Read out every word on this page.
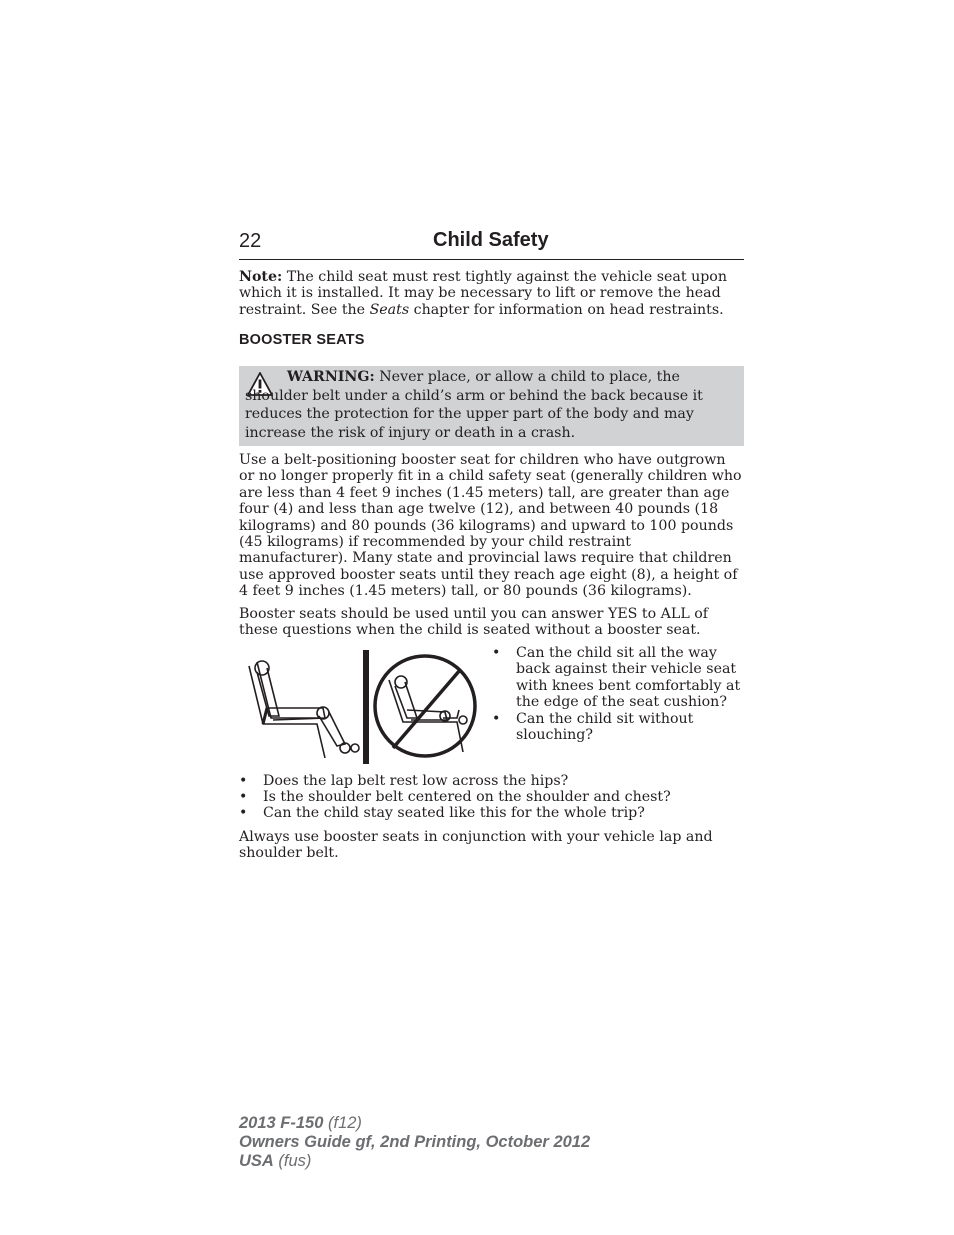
22	Child Safety

Note: The child seat must rest tightly against the vehicle seat upon which it is installed. It may be necessary to lift or remove the head restraint. See the Seats chapter for information on head restraints.

BOOSTER SEATS

WARNING: Never place, or allow a child to place, the shoulder belt under a child’s arm or behind the back because it reduces the protection for the upper part of the body and may increase the risk of injury or death in a crash.

Use a belt-positioning booster seat for children who have outgrown or no longer properly fit in a child safety seat (generally children who are less than 4 feet 9 inches (1.45 meters) tall, are greater than age four (4) and less than age twelve (12), and between 40 pounds (18 kilograms) and 80 pounds (36 kilograms) and upward to 100 pounds (45 kilograms) if recommended by your child restraint manufacturer). Many state and provincial laws require that children use approved booster seats until they reach age eight (8), a height of 4 feet 9 inches (1.45 meters) tall, or 80 pounds (36 kilograms).

Booster seats should be used until you can answer YES to ALL of these questions when the child is seated without a booster seat.

• Can the child sit all the way back against their vehicle seat with knees bent comfortably at the edge of the seat cushion?
• Can the child sit without slouching?
• Does the lap belt rest low across the hips?
• Is the shoulder belt centered on the shoulder and chest?
• Can the child stay seated like this for the whole trip?

Always use booster seats in conjunction with your vehicle lap and shoulder belt.

2013 F-150 (f12)
Owners Guide gf, 2nd Printing, October 2012
USA (fus)
